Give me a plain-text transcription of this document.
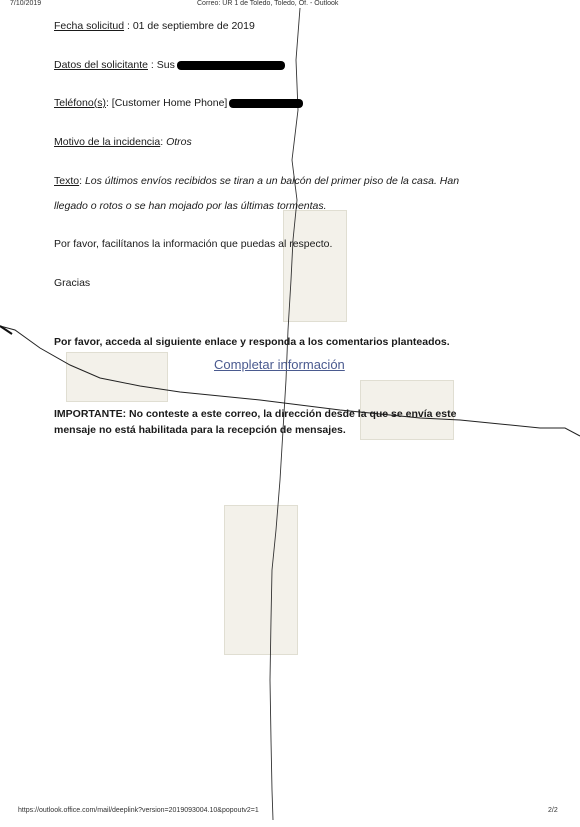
7/10/2019	Correo: UR 1 de Toledo, Toledo, Of. - Outlook
Fecha solicitud : 01 de septiembre de 2019
Datos del solicitante : Sus
Teléfono(s): [Customer Home Phone]
Motivo de la incidencia: Otros
Texto: Los últimos envíos recibidos se tiran a un balcón del primer piso de la casa. Han
llegado o rotos o se han mojado por las últimas tormentas.
Por favor, facilítanos la información que puedas al respecto.
Gracias
Por favor, acceda al siguiente enlace y responda a los comentarios planteados.
Completar información
IMPORTANTE: No conteste a este correo, la dirección desde la que se envía este
mensaje no está habilitada para la recepción de mensajes.
https://outlook.office.com/mail/deeplink?version=2019093004.10&popoutv2=1	2/2
